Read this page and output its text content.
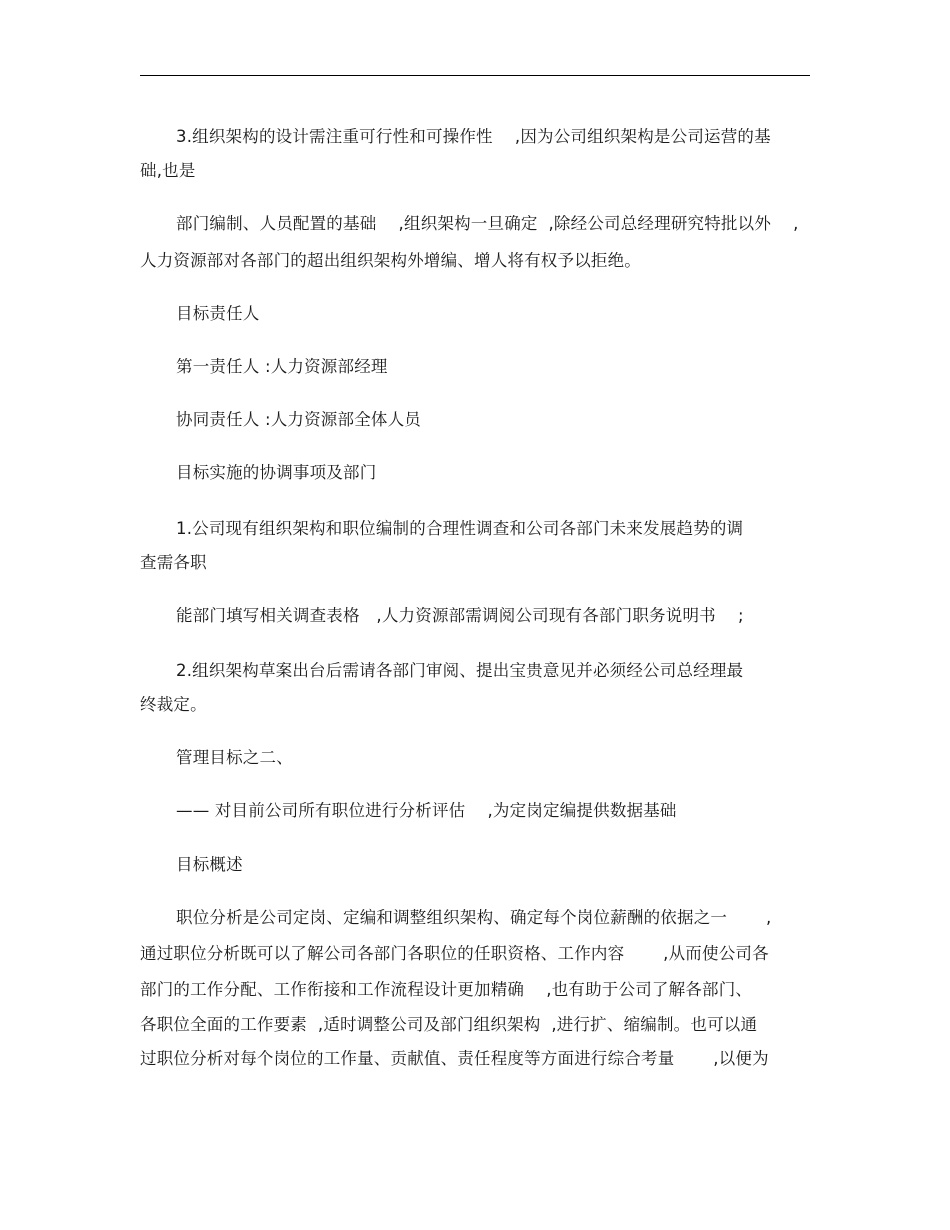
3.组织架构的设计需注重可行性和可操作性　 ,因为公司组织架构是公司运营的基
础,也是
部门编制、人员配置的基础　 ,组织架构一旦确定  ,除经公司总经理研究特批以外　 ,
人力资源部对各部门的超出组织架构外增编、增人将有权予以拒绝。
目标责任人
第一责任人 :人力资源部经理
协同责任人 :人力资源部全体人员
目标实施的协调事项及部门
1.公司现有组织架构和职位编制的合理性调查和公司各部门未来发展趋势的调
查需各职
能部门填写相关调查表格　,人力资源部需调阅公司现有各部门职务说明书　 ;
2.组织架构草案出台后需请各部门审阅、提出宝贵意见并必须经公司总经理最
终裁定。
管理目标之二、
—— 对目前公司所有职位进行分析评估　 ,为定岗定编提供数据基础
目标概述
职位分析是公司定岗、定编和调整组织架构、确定每个岗位薪酬的依据之一　　 ,
通过职位分析既可以了解公司各部门各职位的任职资格、工作内容　　 ,从而使公司各
部门的工作分配、工作衔接和工作流程设计更加精确　 ,也有助于公司了解各部门、
各职位全面的工作要素  ,适时调整公司及部门组织架构  ,进行扩、缩编制。也可以通
过职位分析对每个岗位的工作量、贡献值、责任程度等方面进行综合考量　　 ,以便为
